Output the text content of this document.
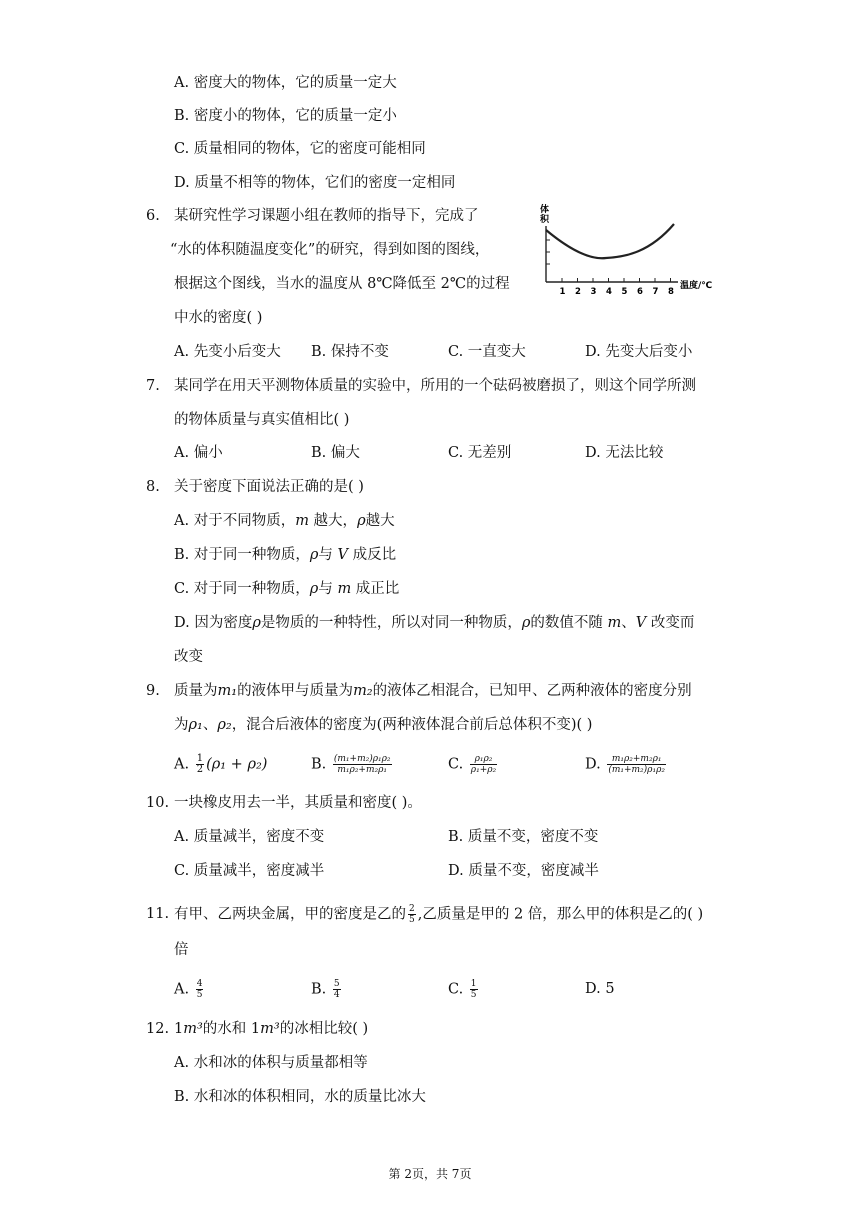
A. 密度大的物体，它的质量一定大
B. 密度小的物体，它的质量一定小
C. 质量相同的物体，它的密度可能相同
D. 质量不相等的物体，它们的密度一定相同
6. 某研究性学习课题小组在教师的指导下，完成了
“水的体积随温度变化”的研究，得到如图的图线，
根据这个图线，当水的温度从 8℃降低至 2℃的过程
中水的密度( )
体
积
1 2 3 4 5 6 7 8
温度/℃
A. 先变小后变大 B. 保持不变	C. 一直变大	D. 先变大后变小
7. 某同学在用天平测物体质量的实验中，所用的一个砝码被磨损了，则这个同学所测
的物体质量与真实值相比( )
A. 偏小	B. 偏大	C. 无差别	D. 无法比较
8. 关于密度下面说法正确的是( )
A. 对于不同物质，m 越大，ρ越大
B. 对于同一种物质，ρ与 V 成反比
C. 对于同一种物质，ρ与 m 成正比
D. 因为密度ρ是物质的一种特性，所以对同一种物质，ρ的数值不随 m、V 改变而
改变
9. 质量为m₁的液体甲与质量为m₂的液体乙相混合，已知甲、乙两种液体的密度分别
为ρ₁、ρ₂，混合后液体的密度为(两种液体混合前后总体积不变)( )
A. $\frac{1}{2} (\rho_1 + \rho_2)$	B. $\frac{\text{(m₁+m₂)ρ₁ρ₂}}{\text{m₁ρ₂+m₂ρ₁}}$	C. $\frac{\text{ρ₁ρ₂}}{\text{ρ₁+ρ₂}}$	D. $\frac{\text{m₁ρ₂+m₂ρ₁}}{\text{(m₁+m₂)ρ₁ρ₂}}$
10. 一块橡皮用去一半，其质量和密度( )。
A. 质量减半，密度不变	B. 质量不变，密度不变
C. 质量减半，密度减半	D. 质量不变，密度减半
11. 有甲、乙两块金属，甲的密度是乙的 $\frac{2}{5}$ ,乙质量是甲的 2 倍，那么甲的体积是乙的( )
倍
A. $\frac{4}{5}$	B. $\frac{5}{4}$	C. $\frac{1}{5}$	D. 5
12. 1m³的水和 1m³的冰相比较( )
A. 水和冰的体积与质量都相等
B. 水和冰的体积相同，水的质量比冰大
第 2页，共 7页
